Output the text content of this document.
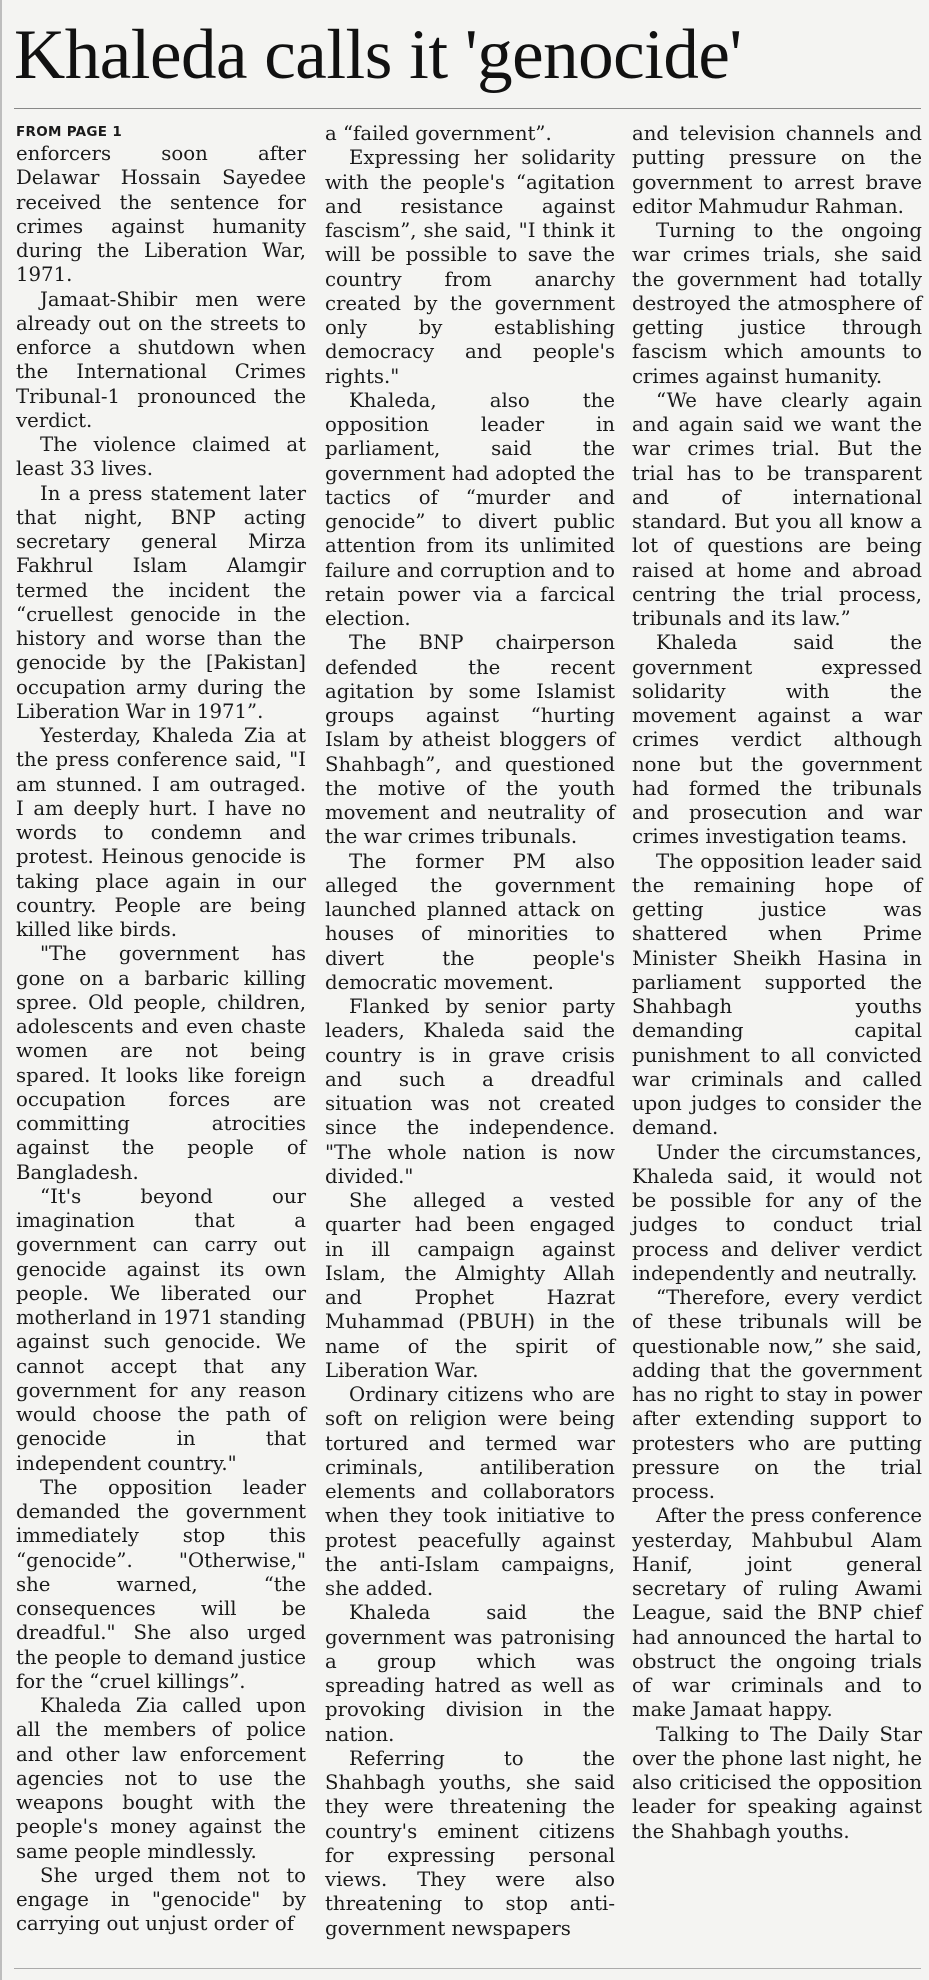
Khaleda calls it 'genocide'
FROM PAGE 1

enforcers soon after Delawar Hossain Sayedee received the sentence for crimes against humanity during the Liberation War, 1971.

Jamaat-Shibir men were already out on the streets to enforce a shutdown when the International Crimes Tribunal-1 pronounced the verdict.

The violence claimed at least 33 lives.

In a press statement later that night, BNP acting secretary general Mirza Fakhrul Islam Alamgir termed the incident the “cruellest genocide in the history and worse than the genocide by the [Pakistan] occupation army during the Liberation War in 1971”.

Yesterday, Khaleda Zia at the press conference said, "I am stunned. I am outraged. I am deeply hurt. I have no words to condemn and protest. Heinous genocide is taking place again in our country. People are being killed like birds.

"The government has gone on a barbaric killing spree. Old people, children, adolescents and even chaste women are not being spared. It looks like foreign occupation forces are committing atrocities against the people of Bangladesh.

“It's beyond our imagination that a government can carry out genocide against its own people. We liberated our motherland in 1971 standing against such genocide. We cannot accept that any government for any reason would choose the path of genocide in that independent country."

The opposition leader demanded the government immediately stop this “genocide”. "Otherwise," she warned, “the consequences will be dreadful." She also urged the people to demand justice for the “cruel killings”.

Khaleda Zia called upon all the members of police and other law enforcement agencies not to use the weapons bought with the people's money against the same people mindlessly.

She urged them not to engage in "genocide" by carrying out unjust order of

a “failed government”.

Expressing her solidarity with the people's “agitation and resistance against fascism”, she said, "I think it will be possible to save the country from anarchy created by the government only by establishing democracy and people's rights."

Khaleda, also the opposition leader in parliament, said the government had adopted the tactics of “murder and genocide” to divert public attention from its unlimited failure and corruption and to retain power via a farcical election.

The BNP chairperson defended the recent agitation by some Islamist groups against “hurting Islam by atheist bloggers of Shahbagh”, and questioned the motive of the youth movement and neutrality of the war crimes tribunals.

The former PM also alleged the government launched planned attack on houses of minorities to divert the people's democratic movement.

Flanked by senior party leaders, Khaleda said the country is in grave crisis and such a dreadful situation was not created since the independence. "The whole nation is now divided."

She alleged a vested quarter had been engaged in ill campaign against Islam, the Almighty Allah and Prophet Hazrat Muhammad (PBUH) in the name of the spirit of Liberation War.

Ordinary citizens who are soft on religion were being tortured and termed war criminals, antiliberation elements and collaborators when they took initiative to protest peacefully against the anti-Islam campaigns, she added.

Khaleda said the government was patronising a group which was spreading hatred as well as provoking division in the nation.

Referring to the Shahbagh youths, she said they were threatening the country's eminent citizens for expressing personal views. They were also threatening to stop anti-government newspapers

and television channels and putting pressure on the government to arrest brave editor Mahmudur Rahman.

Turning to the ongoing war crimes trials, she said the government had totally destroyed the atmosphere of getting justice through fascism which amounts to crimes against humanity.

“We have clearly again and again said we want the war crimes trial. But the trial has to be transparent and of international standard. But you all know a lot of questions are being raised at home and abroad centring the trial process, tribunals and its law.”

Khaleda said the government expressed solidarity with the movement against a war crimes verdict although none but the government had formed the tribunals and prosecution and war crimes investigation teams.

The opposition leader said the remaining hope of getting justice was shattered when Prime Minister Sheikh Hasina in parliament supported the Shahbagh youths demanding capital punishment to all convicted war criminals and called upon judges to consider the demand.

Under the circumstances, Khaleda said, it would not be possible for any of the judges to conduct trial process and deliver verdict independently and neutrally.

“Therefore, every verdict of these tribunals will be questionable now,” she said, adding that the government has no right to stay in power after extending support to protesters who are putting pressure on the trial process.

After the press conference yesterday, Mahbubul Alam Hanif, joint general secretary of ruling Awami League, said the BNP chief had announced the hartal to obstruct the ongoing trials of war criminals and to make Jamaat happy.

Talking to The Daily Star over the phone last night, he also criticised the opposition leader for speaking against the Shahbagh youths.
